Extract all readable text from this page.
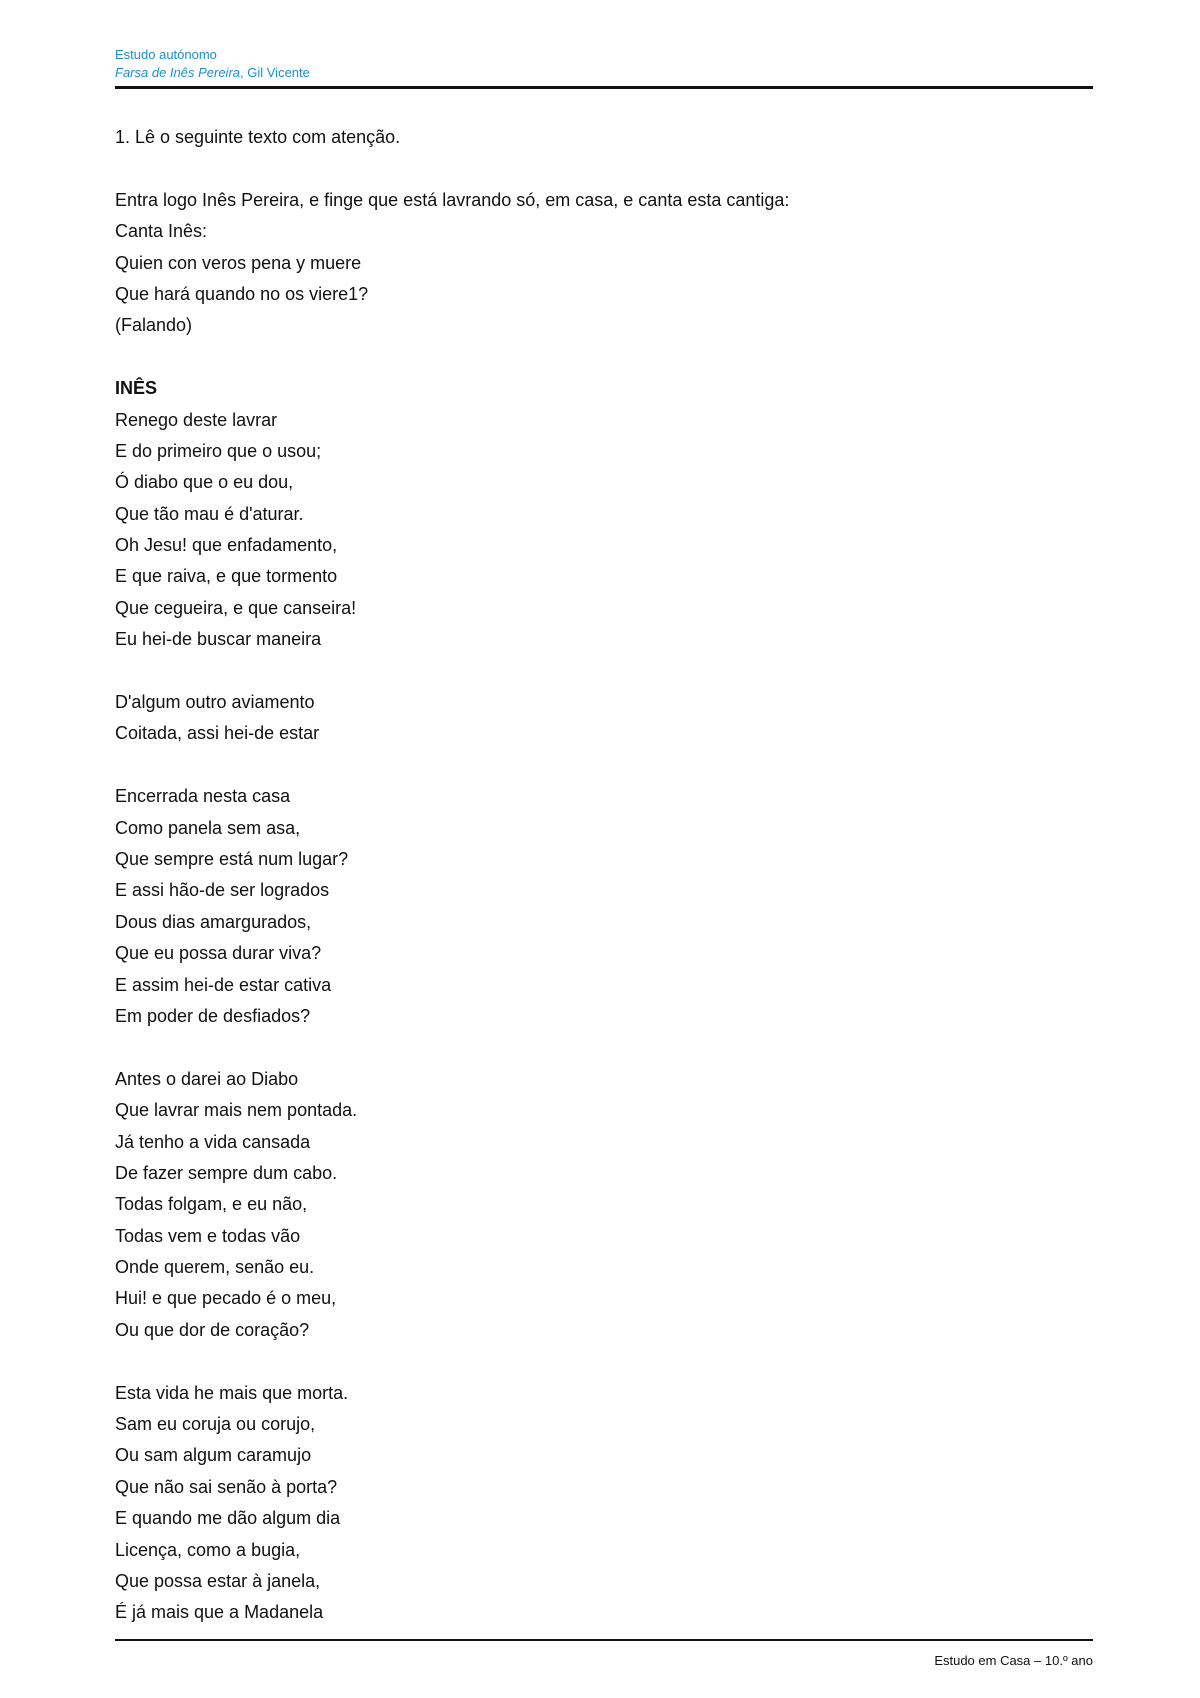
Estudo autónomo
Farsa de Inês Pereira, Gil Vicente
1. Lê o seguinte texto com atenção.
Entra logo Inês Pereira, e finge que está lavrando só, em casa, e canta esta cantiga:
Canta Inês:
Quien con veros pena y muere
Que hará quando no os viere1?
(Falando)
INÊS
Renego deste lavrar
E do primeiro que o usou;
Ó diabo que o eu dou,
Que tão mau é d'aturar.
Oh Jesu! que enfadamento,
E que raiva, e que tormento
Que cegueira, e que canseira!
Eu hei-de buscar maneira
D'algum outro aviamento
Coitada, assi hei-de estar
Encerrada nesta casa
Como panela sem asa,
Que sempre está num lugar?
E assi hão-de ser logrados
Dous dias amargurados,
Que eu possa durar viva?
E assim hei-de estar cativa
Em poder de desfiados?
Antes o darei ao Diabo
Que lavrar mais nem pontada.
Já tenho a vida cansada
De fazer sempre dum cabo.
Todas folgam, e eu não,
Todas vem e todas vão
Onde querem, senão eu.
Hui! e que pecado é o meu,
Ou que dor de coração?
Esta vida he mais que morta.
Sam eu coruja ou corujo,
Ou sam algum caramujo
Que não sai senão à porta?
E quando me dão algum dia
Licença, como a bugia,
Que possa estar à janela,
É já mais que a Madanela
Estudo em Casa – 10.º ano
